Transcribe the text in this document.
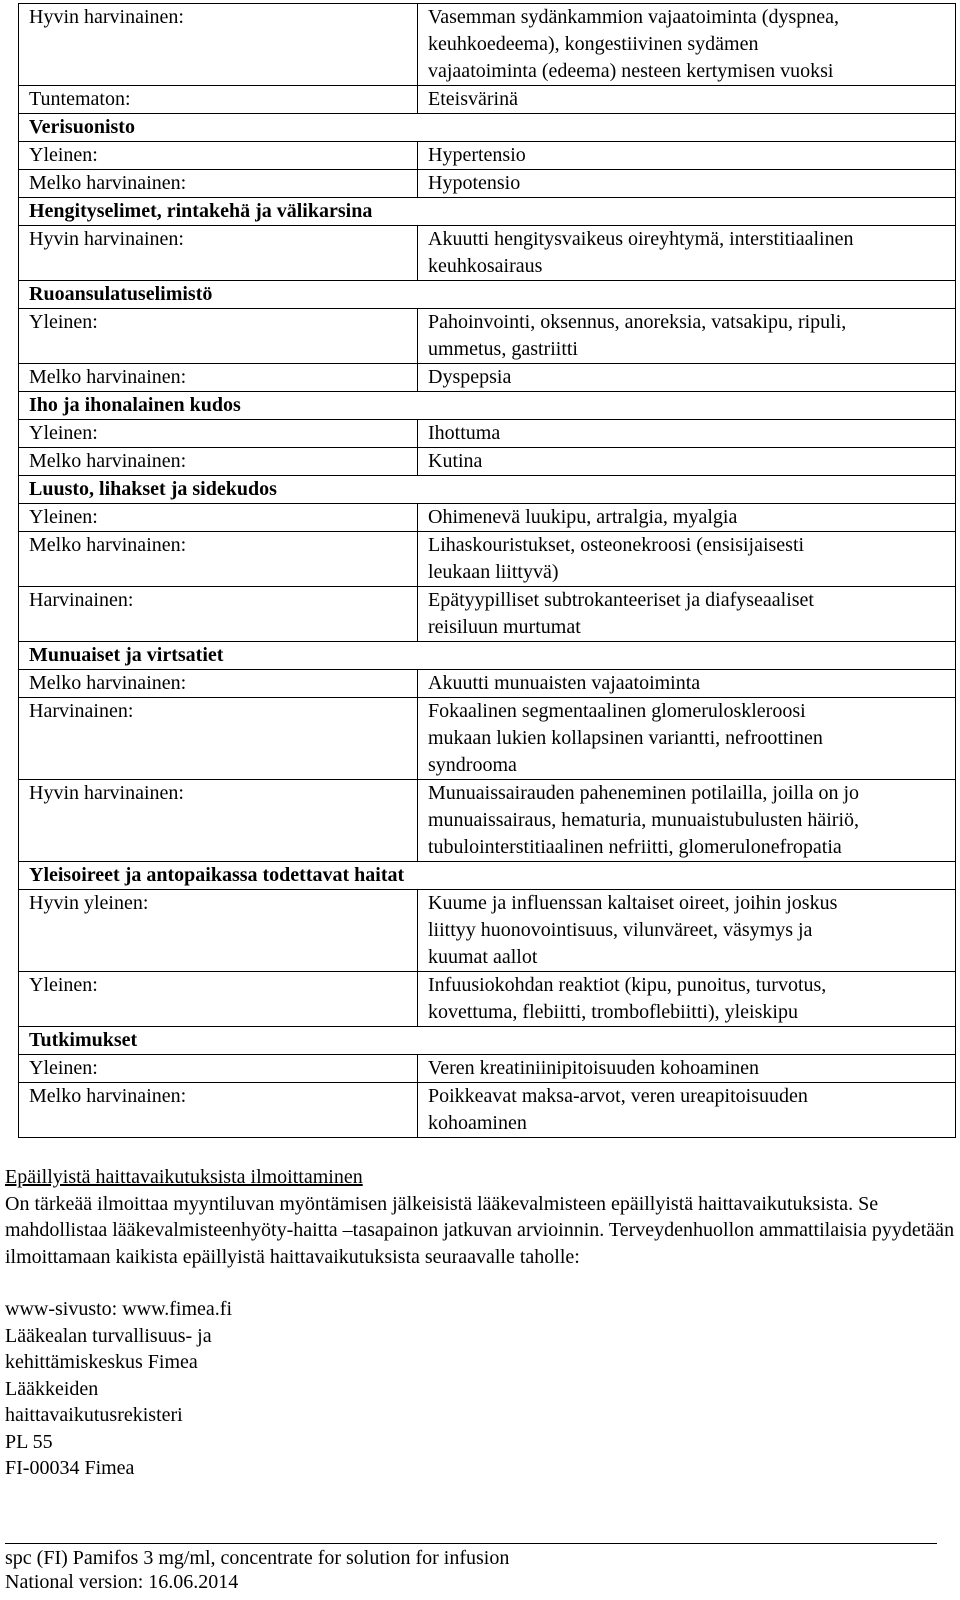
Hyvin harvinainen:	Vasemman sydänkammion vajaatoiminta (dyspnea,
keuhkoedeema), kongestiivinen sydämen
vajaatoiminta (edeema) nesteen kertymisen vuoksi
Tuntematon:	Eteisvärinä
Verisuonisto	
Yleinen:	Hypertensio
Melko harvinainen:	Hypotensio
Hengityselimet, rintakehä ja välikarsina	
Hyvin harvinainen:	Akuutti hengitysvaikeus oireyhtymä, interstitiaalinen
keuhkosairaus
Ruoansulatuselimistö	
Yleinen:	Pahoinvointi, oksennus, anoreksia, vatsakipu, ripuli,
ummetus, gastriitti
Melko harvinainen:	Dyspepsia
Iho ja ihonalainen kudos	
Yleinen:	Ihottuma
Melko harvinainen:	Kutina
Luusto, lihakset ja sidekudos	
Yleinen:	Ohimenevä luukipu, artralgia, myalgia
Melko harvinainen:	Lihaskouristukset, osteonekroosi (ensisijaisesti
leukaan liittyvä)
Harvinainen:	Epätyypilliset subtrokanteeriset ja diafyseaaliset
reisiluun murtumat
Munuaiset ja virtsatiet	
Melko harvinainen:	Akuutti munuaisten vajaatoiminta
Harvinainen:	Fokaalinen segmentaalinen glomeruloskleroosi
mukaan lukien kollapsinen variantti, nefroottinen
syndrooma
Hyvin harvinainen:	Munuaissairauden paheneminen potilailla, joilla on jo
munuaissairaus, hematuria, munuaistubulusten häiriö,
tubulointerstitiaalinen nefriitti, glomerulonefropatia
Yleisoireet ja antopaikassa todettavat haitat	
Hyvin yleinen:	Kuume ja influenssan kaltaiset oireet, joihin joskus
liittyy huonovointisuus, vilunväreet, väsymys ja
kuumat aallot
Yleinen:	Infuusiokohdan reaktiot (kipu, punoitus, turvotus,
kovettuma, flebiitti, tromboflebiitti), yleiskipu
Tutkimukset	
Yleinen:	Veren kreatiniinipitoisuuden kohoaminen
Melko harvinainen:	Poikkeavat maksa-arvot, veren ureapitoisuuden
kohoaminen
Epäillyistä haittavaikutuksista ilmoittaminen
On tärkeää ilmoittaa myyntiluvan myöntämisen jälkeisistä lääkevalmisteen epäillyistä haittavaikutuksista. Se mahdollistaa lääkevalmisteenhyöty-haitta –tasapainon jatkuvan arvioinnin. Terveydenhuollon ammattilaisia pyydetään ilmoittamaan kaikista epäillyistä haittavaikutuksista seuraavalle taholle:
www-sivusto: www.fimea.fi
Lääkealan turvallisuus- ja
kehittämiskeskus Fimea
Lääkkeiden
haittavaikutusrekisteri
PL 55
FI-00034 Fimea
spc (FI) Pamifos 3 mg/ml, concentrate for solution for infusion
National version: 16.06.2014
